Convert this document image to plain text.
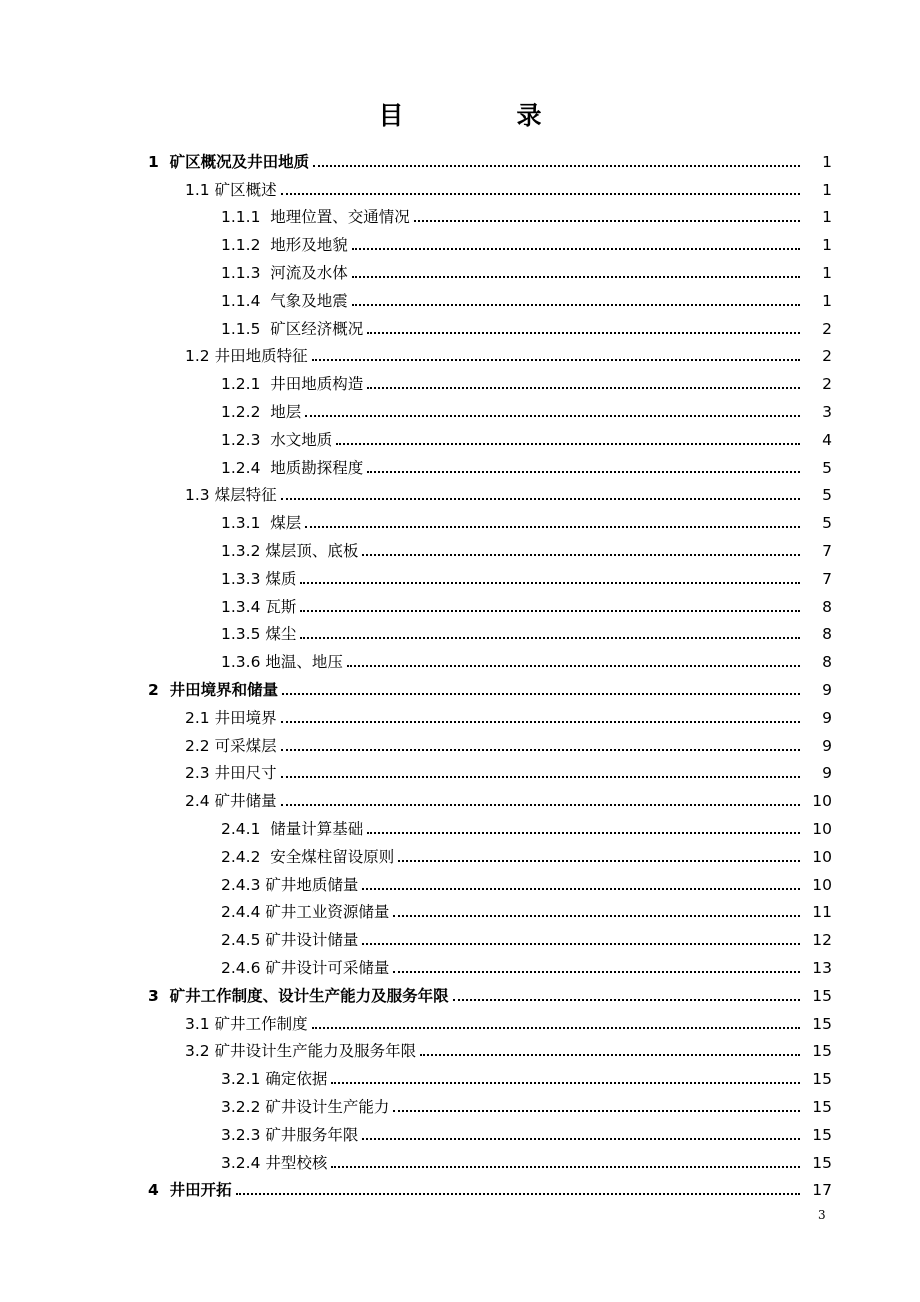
目　录
1  矿区概况及井田地质	1
1.1 矿区概述	1
1.1.1  地理位置、交通情况	1
1.1.2  地形及地貌	1
1.1.3  河流及水体	1
1.1.4  气象及地震	1
1.1.5  矿区经济概况	2
1.2 井田地质特征	2
1.2.1  井田地质构造	2
1.2.2  地层	3
1.2.3  水文地质	4
1.2.4  地质勘探程度	5
1.3 煤层特征	5
1.3.1  煤层	5
1.3.2 煤层顶、底板	7
1.3.3 煤质	7
1.3.4 瓦斯	8
1.3.5 煤尘	8
1.3.6 地温、地压	8
2  井田境界和储量	9
2.1 井田境界	9
2.2 可采煤层	9
2.3 井田尺寸	9
2.4 矿井储量	10
2.4.1  储量计算基础	10
2.4.2  安全煤柱留设原则	10
2.4.3 矿井地质储量	10
2.4.4 矿井工业资源储量	11
2.4.5 矿井设计储量	12
2.4.6 矿井设计可采储量	13
3  矿井工作制度、设计生产能力及服务年限	15
3.1 矿井工作制度	15
3.2 矿井设计生产能力及服务年限	15
3.2.1 确定依据	15
3.2.2 矿井设计生产能力	15
3.2.3 矿井服务年限	15
3.2.4 井型校核	15
4  井田开拓	17
3
